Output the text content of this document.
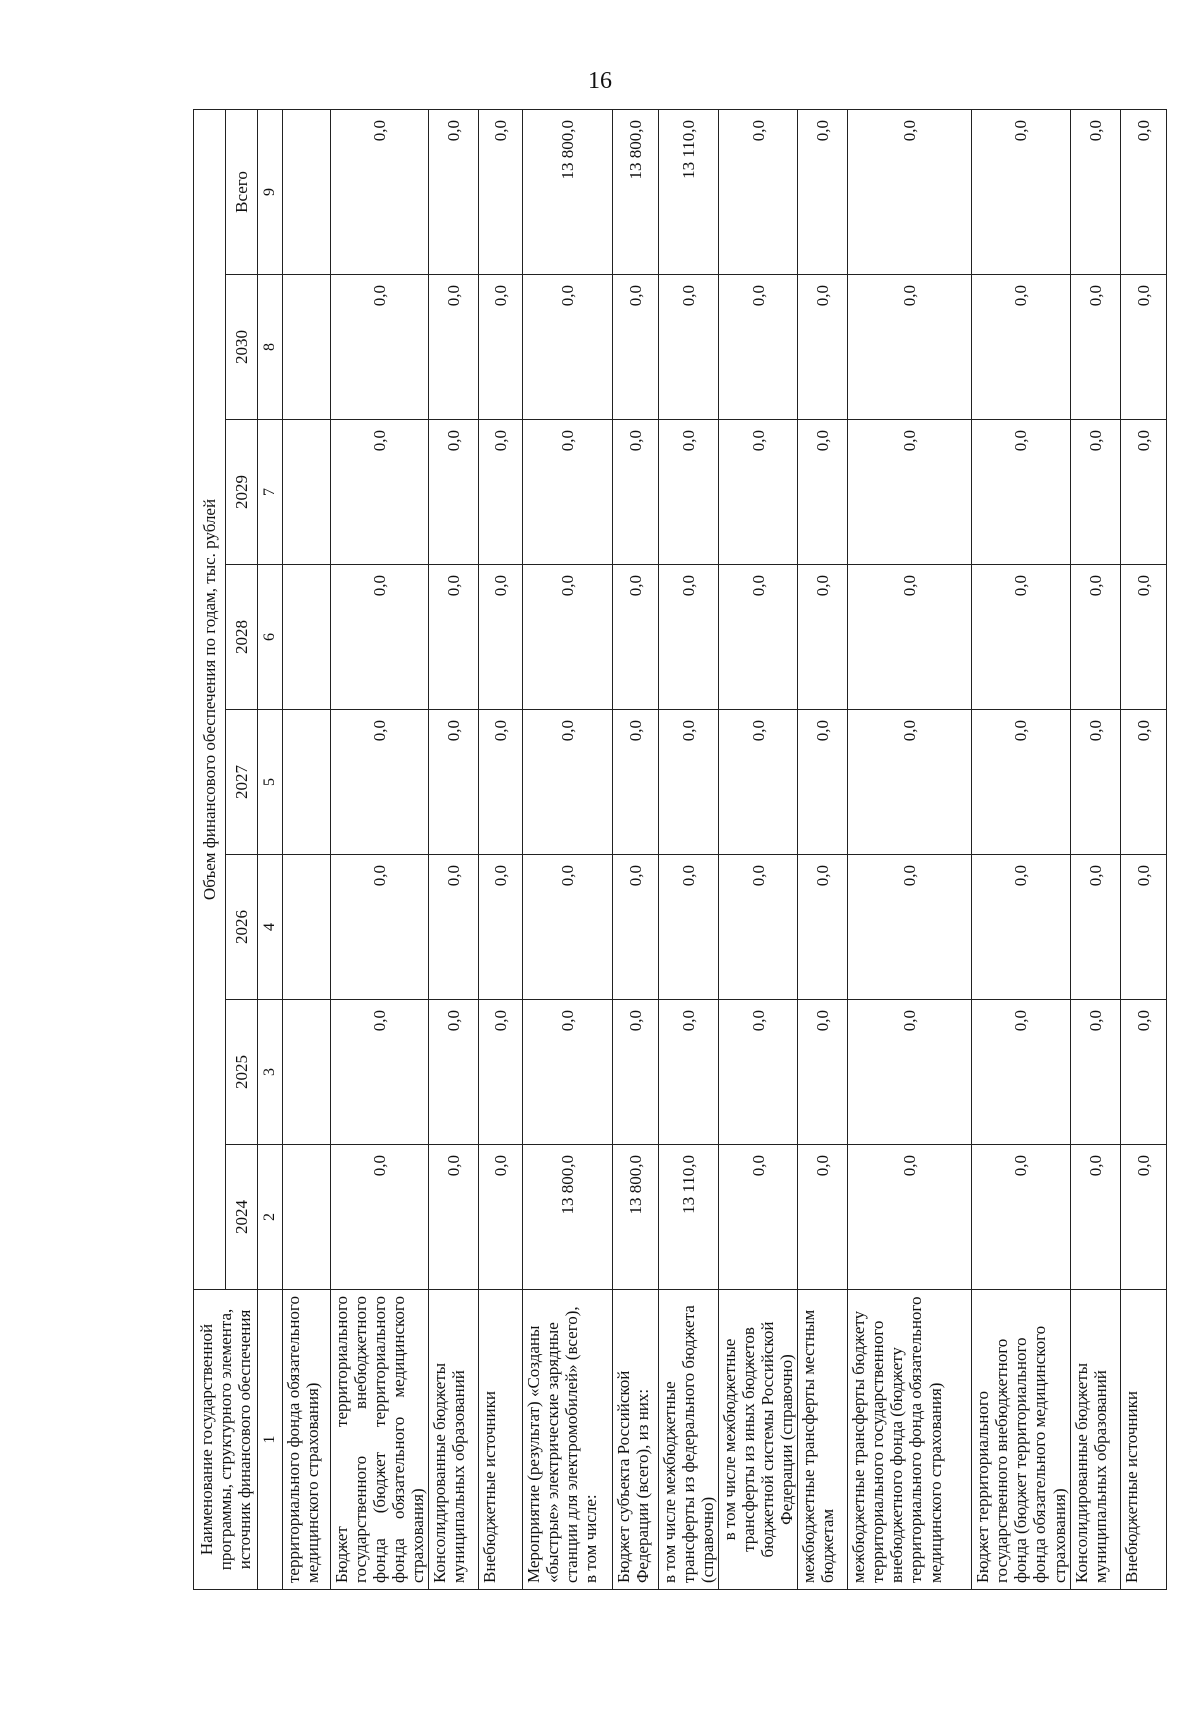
16
Наименование государственной программы, структурного элемента, источник финансового обеспечения	Объем финансового обеспечения по годам, тыс. рублей							
	2024	2025	2026	2027	2028	2029	2030	Всего
1	2	3	4	5	6	7	8	9
территориального фонда обязательного медицинского страхования)								
Бюджет территориального государственного внебюджетного фонда (бюджет территориального фонда обязательного медицинского страхования)	0,0	0,0	0,0	0,0	0,0	0,0	0,0	0,0
Консолидированные бюджеты муниципальных образований	0,0	0,0	0,0	0,0	0,0	0,0	0,0	0,0
Внебюджетные источники	0,0	0,0	0,0	0,0	0,0	0,0	0,0	0,0
Мероприятие (результат) «Созданы «быстрые» электрические зарядные станции для электромобилей» (всего), в том числе:	13 800,0	0,0	0,0	0,0	0,0	0,0	0,0	13 800,0
Бюджет субъекта Российской Федерации (всего), из них:	13 800,0	0,0	0,0	0,0	0,0	0,0	0,0	13 800,0
в том числе межбюджетные трансферты из федерального бюджета (справочно)	13 110,0	0,0	0,0	0,0	0,0	0,0	0,0	13 110,0
в том числе межбюджетные трансферты из иных бюджетов бюджетной системы Российской Федерации (справочно)	0,0	0,0	0,0	0,0	0,0	0,0	0,0	0,0
межбюджетные трансферты местным бюджетам	0,0	0,0	0,0	0,0	0,0	0,0	0,0	0,0
межбюджетные трансферты бюджету территориального государственного внебюджетного фонда (бюджету территориального фонда обязательного медицинского страхования)	0,0	0,0	0,0	0,0	0,0	0,0	0,0	0,0
Бюджет территориального государственного внебюджетного фонда (бюджет территориального фонда обязательного медицинского страхования)	0,0	0,0	0,0	0,0	0,0	0,0	0,0	0,0
Консолидированные бюджеты муниципальных образований	0,0	0,0	0,0	0,0	0,0	0,0	0,0	0,0
Внебюджетные источники	0,0	0,0	0,0	0,0	0,0	0,0	0,0	0,0
